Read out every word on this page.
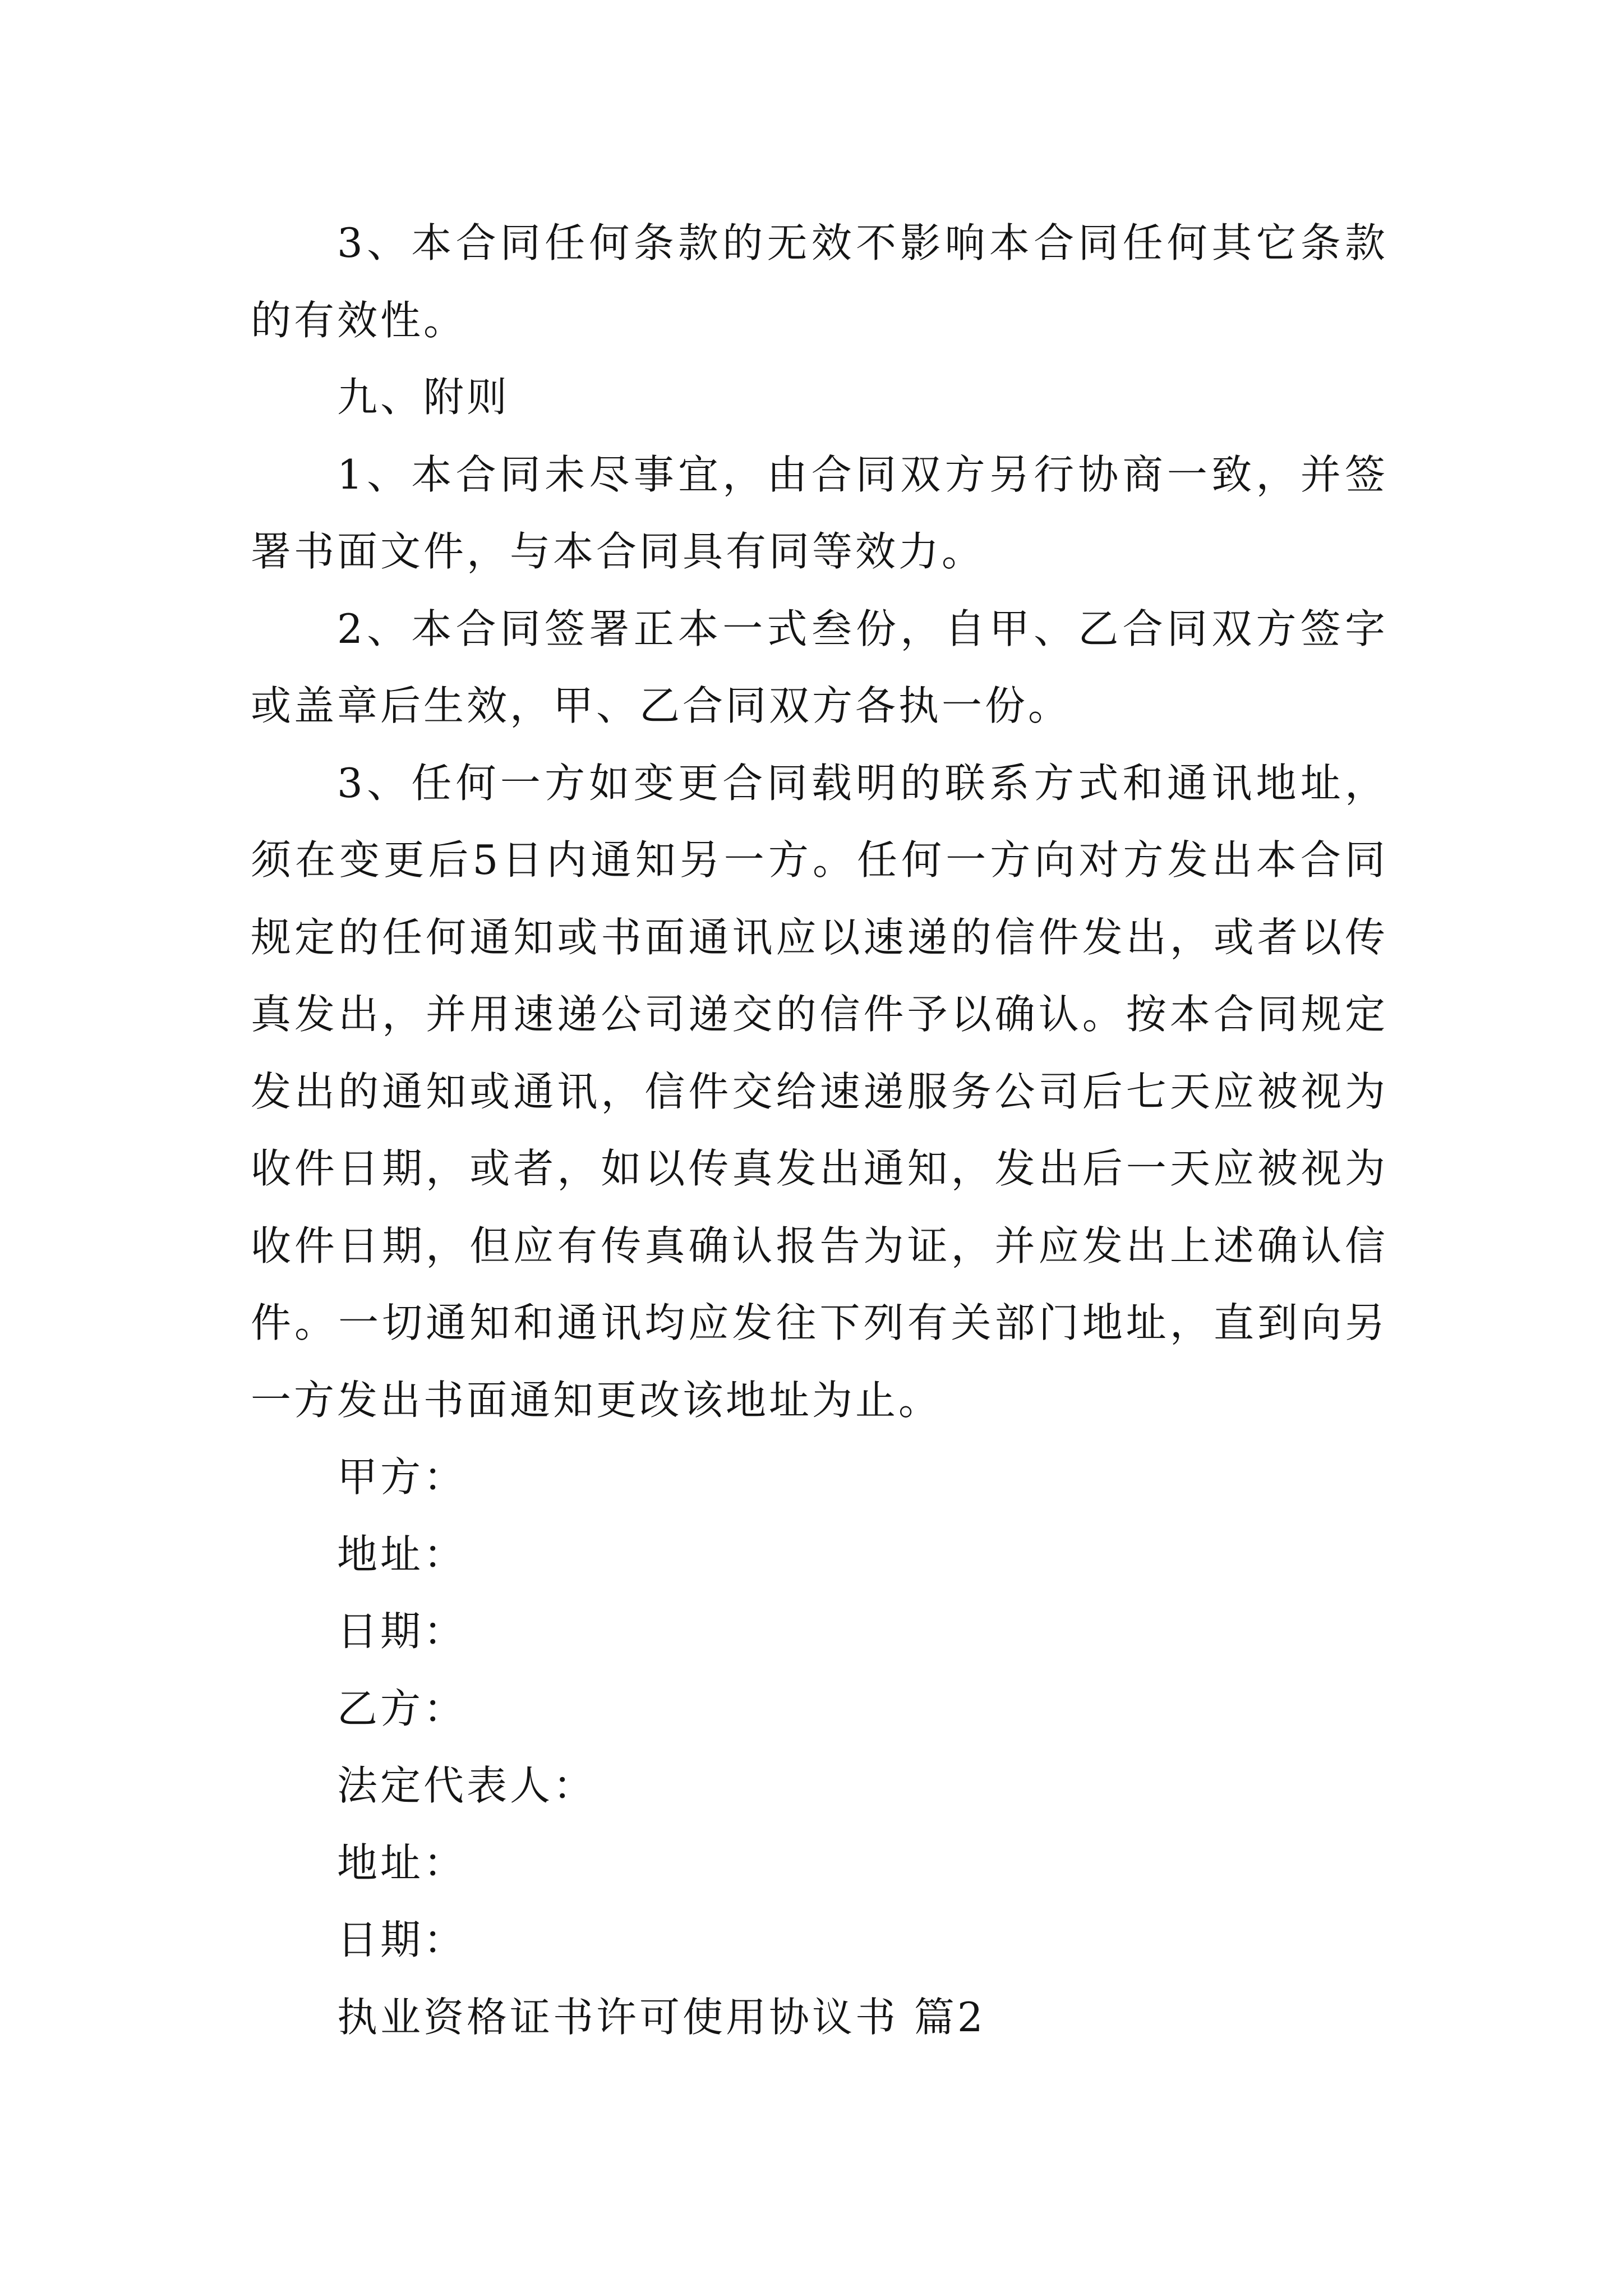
3、本合同任何条款的无效不影响本合同任何其它条款
的有效性。
九、附则
1、本合同未尽事宜，由合同双方另行协商一致，并签
署书面文件，与本合同具有同等效力。
2、本合同签署正本一式叁份，自甲、乙合同双方签字
或盖章后生效，甲、乙合同双方各执一份。
3、任何一方如变更合同载明的联系方式和通讯地址，
须在变更后5日内通知另一方。任何一方向对方发出本合同
规定的任何通知或书面通讯应以速递的信件发出，或者以传
真发出，并用速递公司递交的信件予以确认。按本合同规定
发出的通知或通讯，信件交给速递服务公司后七天应被视为
收件日期，或者，如以传真发出通知，发出后一天应被视为
收件日期，但应有传真确认报告为证，并应发出上述确认信
件。一切通知和通讯均应发往下列有关部门地址，直到向另
一方发出书面通知更改该地址为止。
甲方：
地址：
日期：
乙方：
法定代表人：
地址：
日期：
执业资格证书许可使用协议书 篇2
